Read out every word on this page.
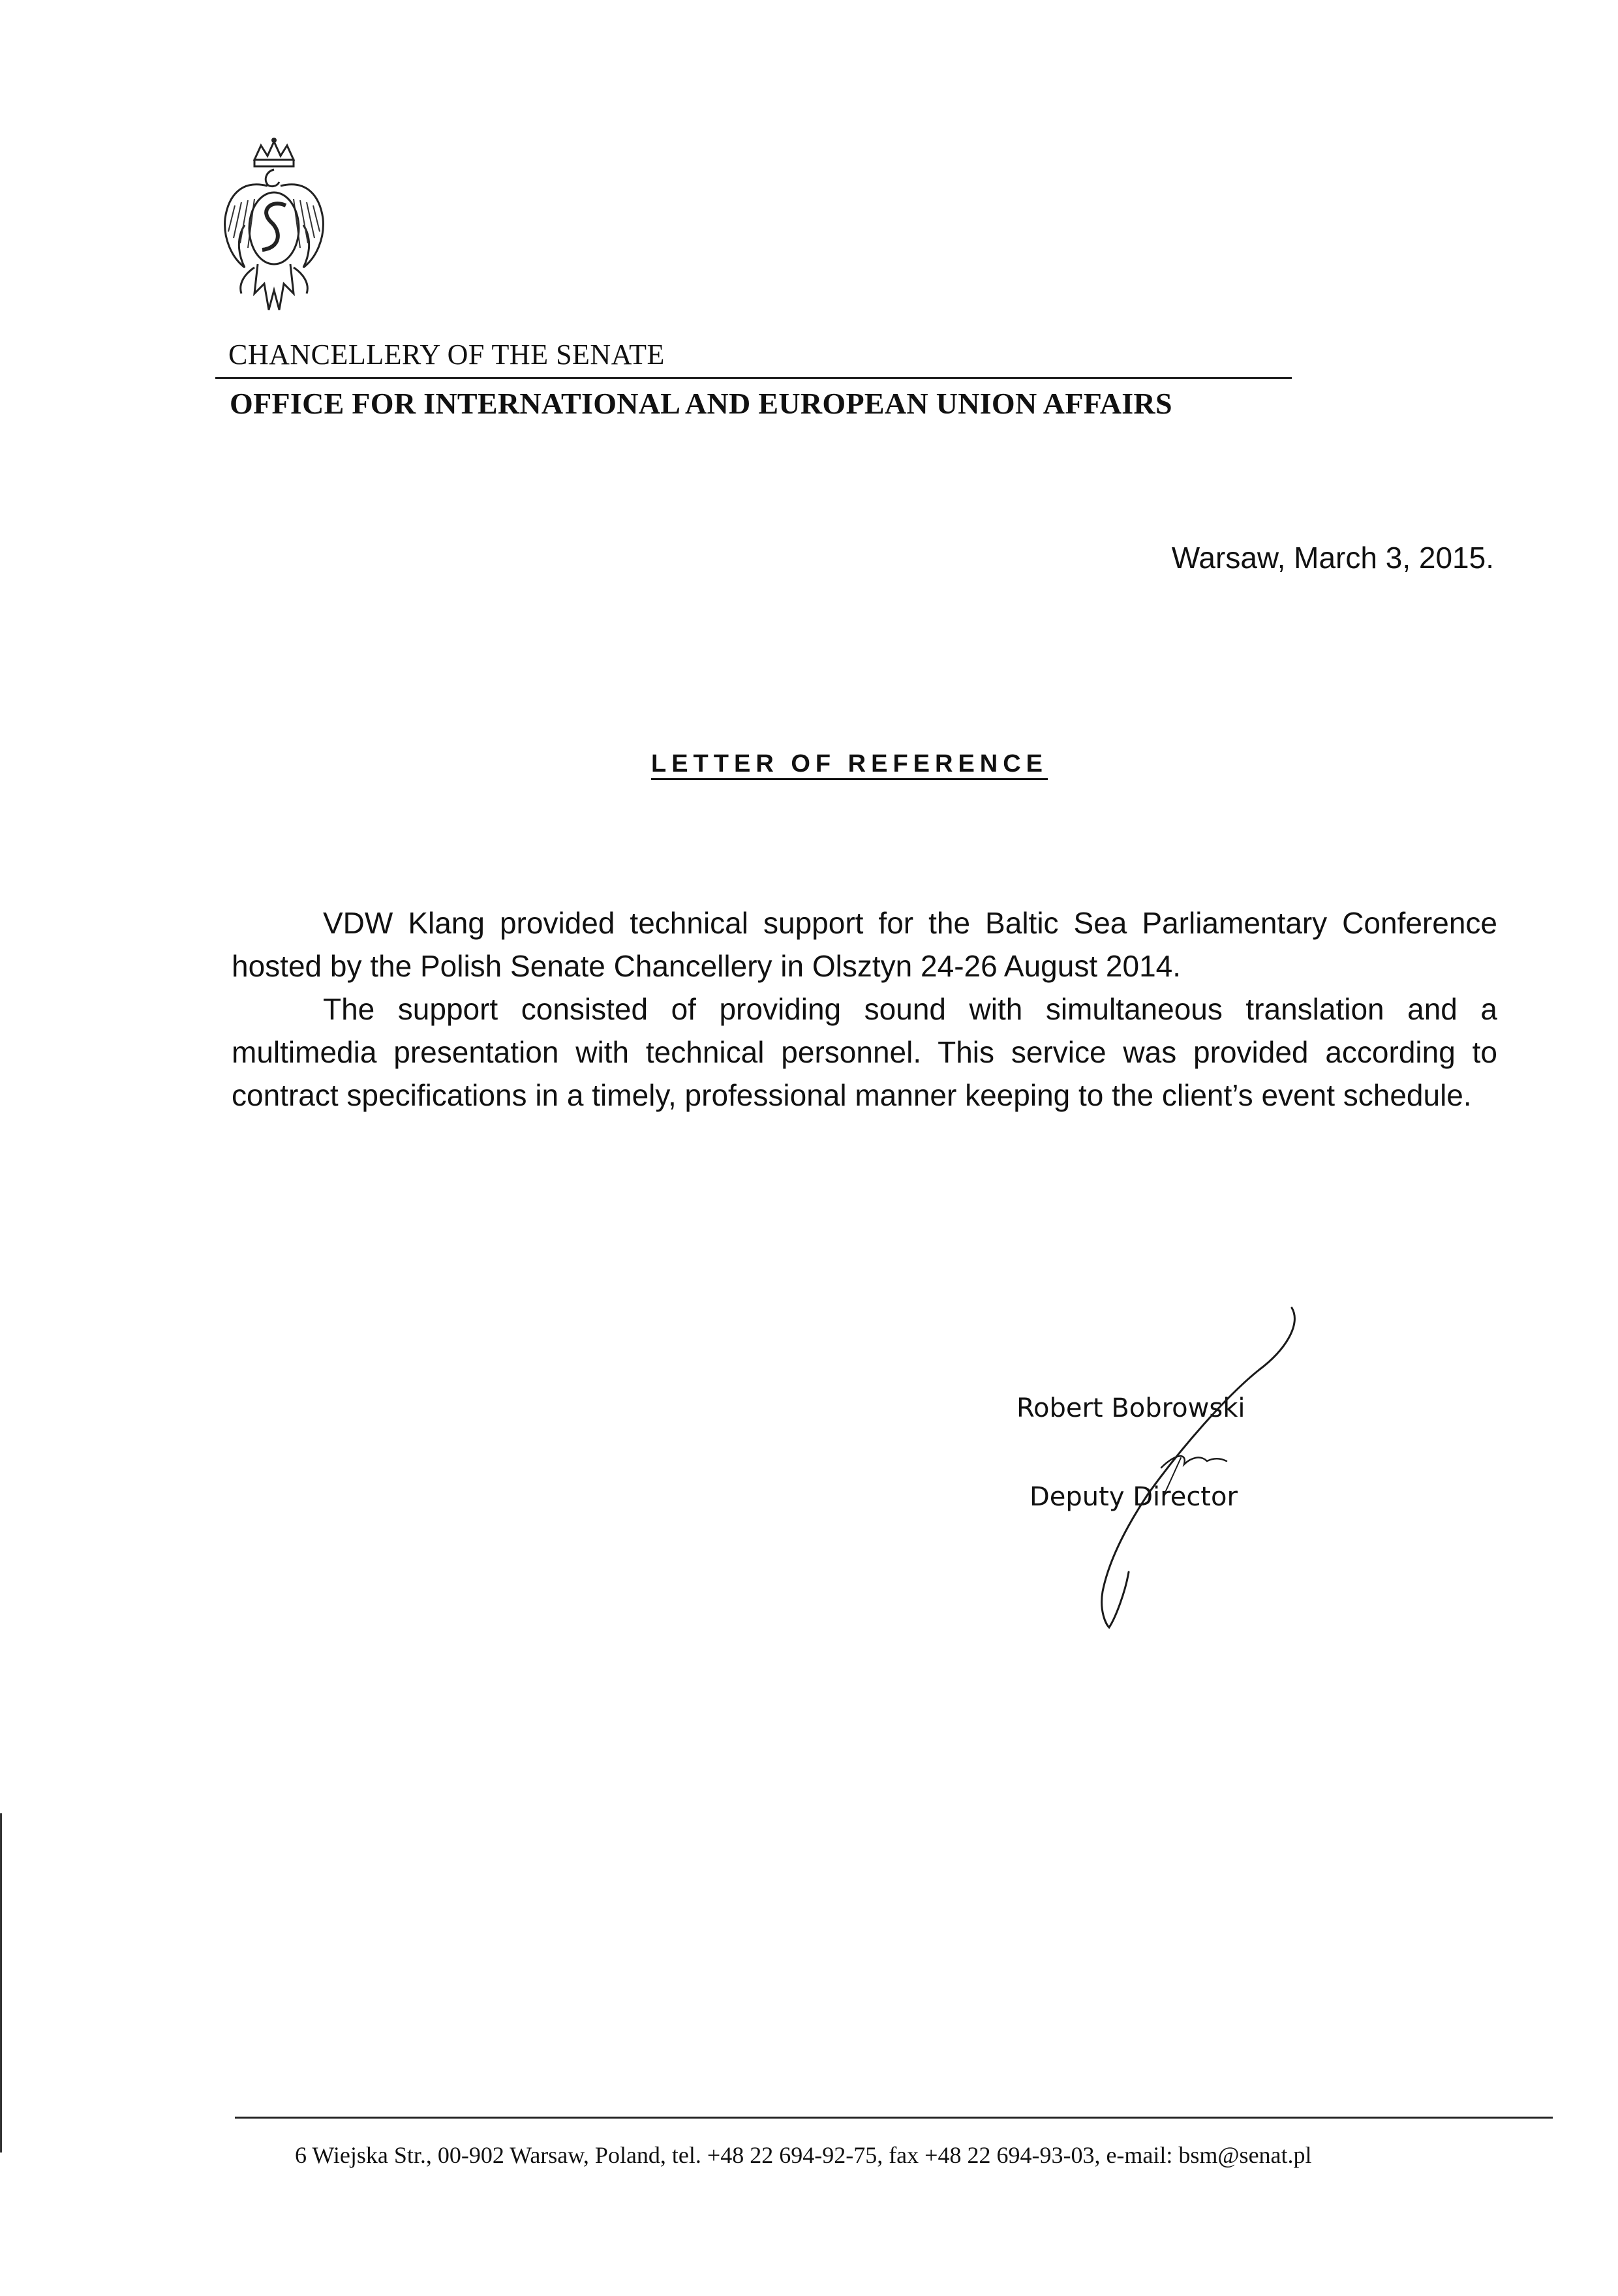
CHANCELLERY OF THE SENATE
OFFICE FOR INTERNATIONAL AND EUROPEAN UNION AFFAIRS
Warsaw, March 3, 2015.
LETTER OF REFERENCE

VDW Klang provided technical support for the Baltic Sea Parliamentary Conference hosted by the Polish Senate Chancellery in Olsztyn 24-26 August 2014.

The support consisted of providing sound with simultaneous translation and a multimedia presentation with technical personnel. This service was provided according to contract specifications in a timely, professional manner keeping to the client’s event schedule.

Robert Bobrowski
Deputy Director
6 Wiejska Str., 00-902 Warsaw, Poland, tel. +48 22 694-92-75, fax +48 22 694-93-03, e-mail: bsm@senat.pl
